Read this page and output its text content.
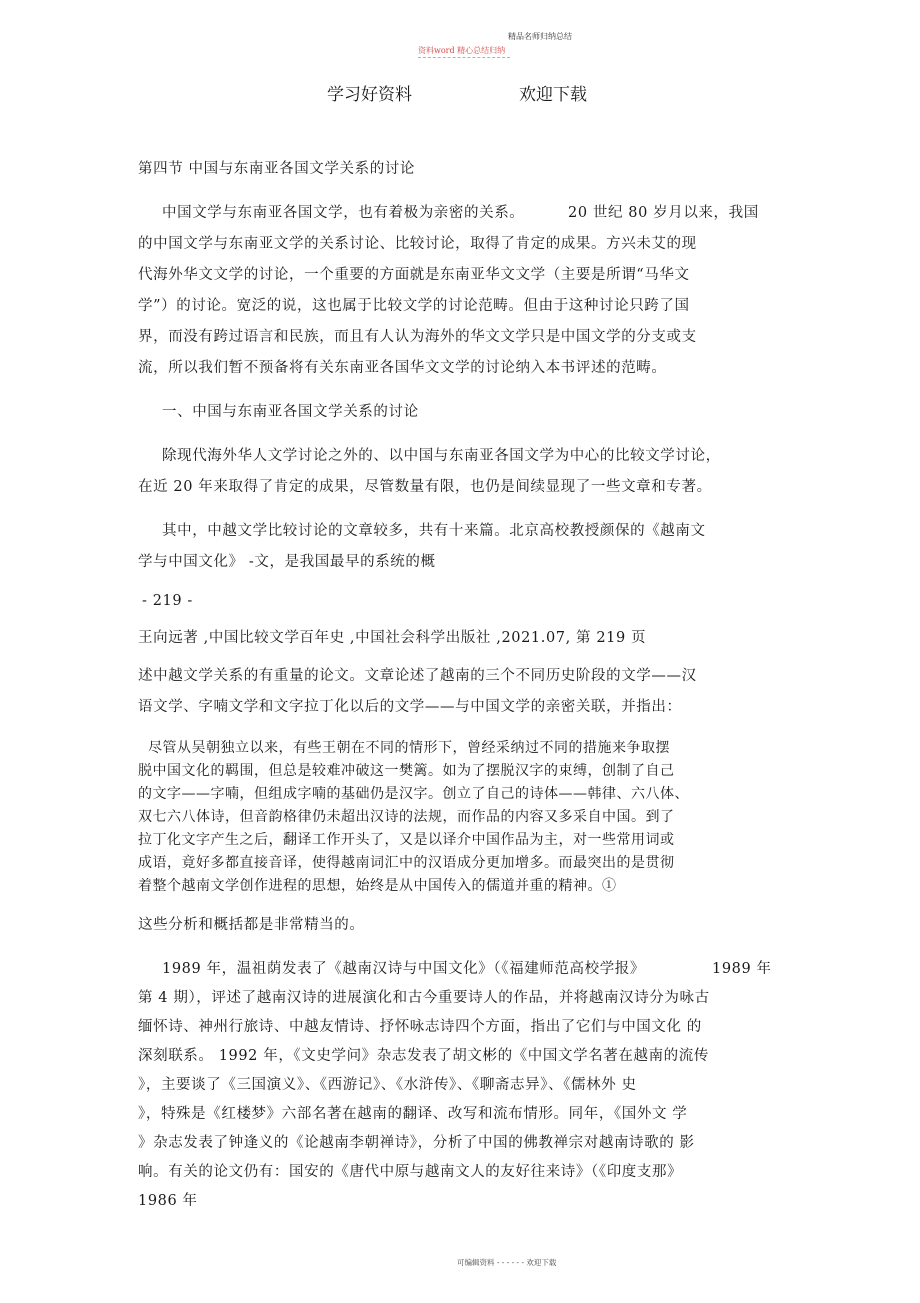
精品名师归纳总结
资料word 精心总结归纳
学习好资料	欢迎下载
第四节 中国与东南亚各国文学关系的讨论
中国文学与东南亚各国文学，也有着极为亲密的关系。	20 世纪 80 岁月以来，我国
的中国文学与东南亚文学的关系讨论、比较讨论，取得了肯定的成果。方兴未艾的现
代海外华文文学的讨论，一个重要的方面就是东南亚华文文学（主要是所谓“马华文
学”）的讨论。宽泛的说，这也属于比较文学的讨论范畴。但由于这种讨论只跨了国
界，而没有跨过语言和民族，而且有人认为海外的华文文学只是中国文学的分支或支
流，所以我们暂不预备将有关东南亚各国华文文学的讨论纳入本书评述的范畴。
一、中国与东南亚各国文学关系的讨论
除现代海外华人文学讨论之外的、以中国与东南亚各国文学为中心的比较文学讨论，
在近 20 年来取得了肯定的成果，尽管数量有限，也仍是间续显现了一些文章和专著。
其中，中越文学比较讨论的文章较多，共有十来篇。北京高校教授颜保的《越南文
学与中国文化》 -文，是我国最早的系统的概
- 219 -
王向远著 ,中国比较文学百年史 ,中国社会科学出版社 ,2021.07, 第 219 页
述中越文学关系的有重量的论文。文章论述了越南的三个不同历史阶段的文学——汉
语文学、字喃文学和文字拉丁化以后的文学——与中国文学的亲密关联，并指出：
尽管从吴朝独立以来，有些王朝在不同的情形下，曾经采纳过不同的措施来争取摆
脱中国文化的羁围，但总是较难冲破这一樊篱。如为了摆脱汉字的束缚，创制了自己
的文字——字喃，但组成字喃的基础仍是汉字。创立了自己的诗体——韩律、六八体、
双七六八体诗，但音韵格律仍未超出汉诗的法规，而作品的内容又多采自中国。到了
拉丁化文字产生之后，翻译工作开头了，又是以译介中国作品为主，对一些常用词或
成语，竟好多都直接音译，使得越南词汇中的汉语成分更加增多。而最突出的是贯彻
着整个越南文学创作进程的思想，始终是从中国传入的儒道并重的精神。①
这些分析和概括都是非常精当的。
1989 年，温祖荫发表了《越南汉诗与中国文化》（《福建师范高校学报》	1989 年
第 4 期），评述了越南汉诗的进展演化和古今重要诗人的作品，并将越南汉诗分为咏古
缅怀诗、神州行旅诗、中越友情诗、抒怀咏志诗四个方面，指出了它们与中国文化 的
深刻联系。 1992 年，《文史学问》杂志发表了胡文彬的《中国文学名著在越南的流传
》，主要谈了《三国演义》、《西游记》、《水浒传》、《聊斋志异》、《儒林外 史
》，特殊是《红楼梦》六部名著在越南的翻译、改写和流布情形。同年，《国外文 学
》杂志发表了钟逢义的《论越南李朝禅诗》，分析了中国的佛教禅宗对越南诗歌的 影
响。有关的论文仍有：国安的《唐代中原与越南文人的友好往来诗》（《印度支那》
1986 年
可编辑资料 - - - - - - 欢迎下载
